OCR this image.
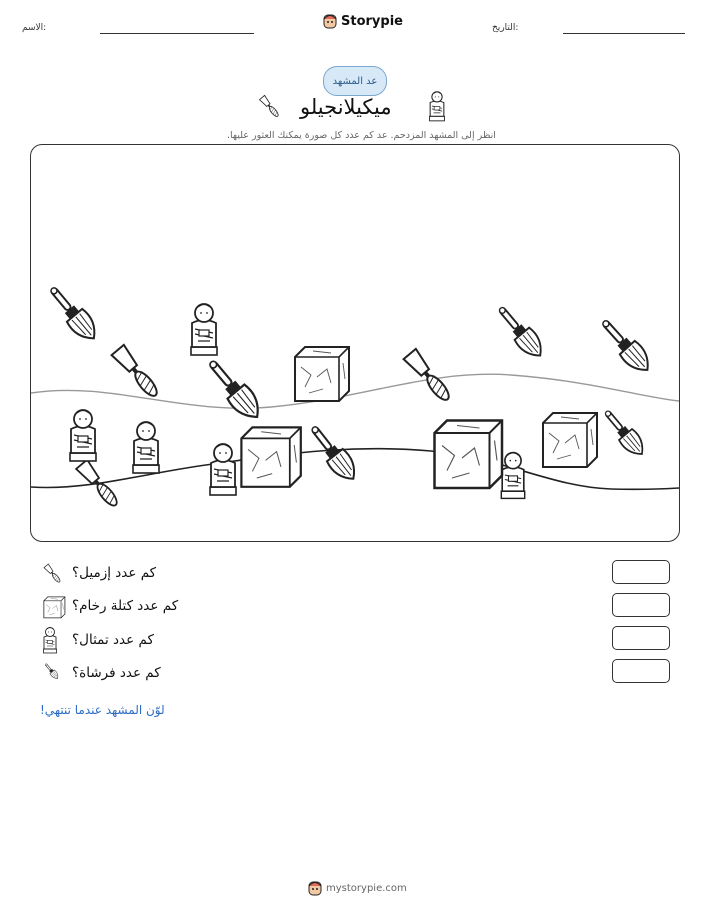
الاسم:	Storypie	التاريخ:
عد المشهد
ميكيلانجيلو
انظر إلى المشهد المزدحم. عد كم عدد كل صورة يمكنك العثور عليها.
كم عدد إزميل؟
كم عدد كتلة رخام؟
كم عدد تمثال؟
كم عدد فرشاة؟
لوّن المشهد عندما تنتهي!
mystorypie.com
